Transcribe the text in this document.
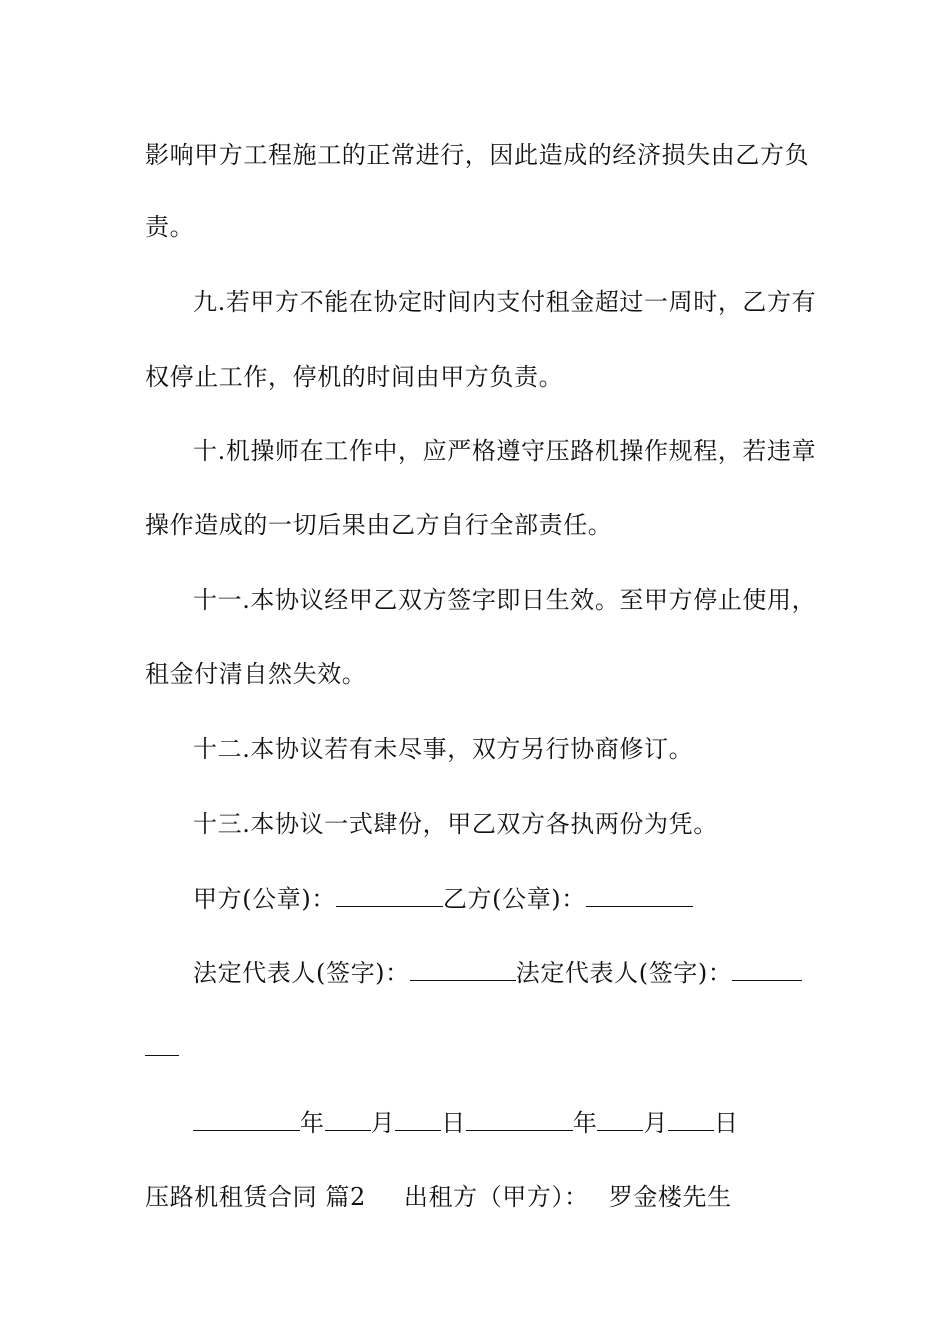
影响甲方工程施工的正常进行，因此造成的经济损失由乙方负
责。
九.若甲方不能在协定时间内支付租金超过一周时，乙方有
权停止工作，停机的时间由甲方负责。
十.机操师在工作中，应严格遵守压路机操作规程，若违章
操作造成的一切后果由乙方自行全部责任。
十一.本协议经甲乙双方签字即日生效。至甲方停止使用，
租金付清自然失效。
十二.本协议若有未尽事，双方另行协商修订。
十三.本协议一式肆份，甲乙双方各执两份为凭。
甲方(公章)：	乙方(公章)：
法定代表人(签字)：	法定代表人(签字)：
年 月 日	年 月 日
压路机租赁合同 篇2 出租方（甲方）： 罗金楼先生
